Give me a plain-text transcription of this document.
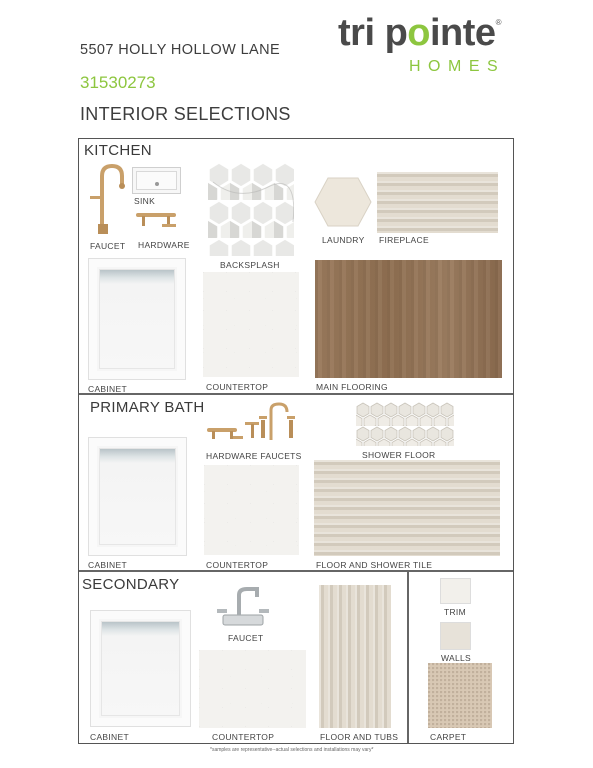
5507 HOLLY HOLLOW LANE
31530273
INTERIOR SELECTIONS
tri pointe®
HOMES
KITCHEN
FAUCET
SINK
HARDWARE
BACKSPLASH
LAUNDRY FIREPLACE
CABINET	COUNTERTOP	MAIN FLOORING
PRIMARY BATH
HARDWARE FAUCETS	SHOWER FLOOR
CABINET	COUNTERTOP	FLOOR AND SHOWER TILE
SECONDARY
FAUCET
CABINET	COUNTERTOP	FLOOR AND TUBS
TRIM
WALLS
CARPET
*samples are representative--actual selections and installations may vary*
